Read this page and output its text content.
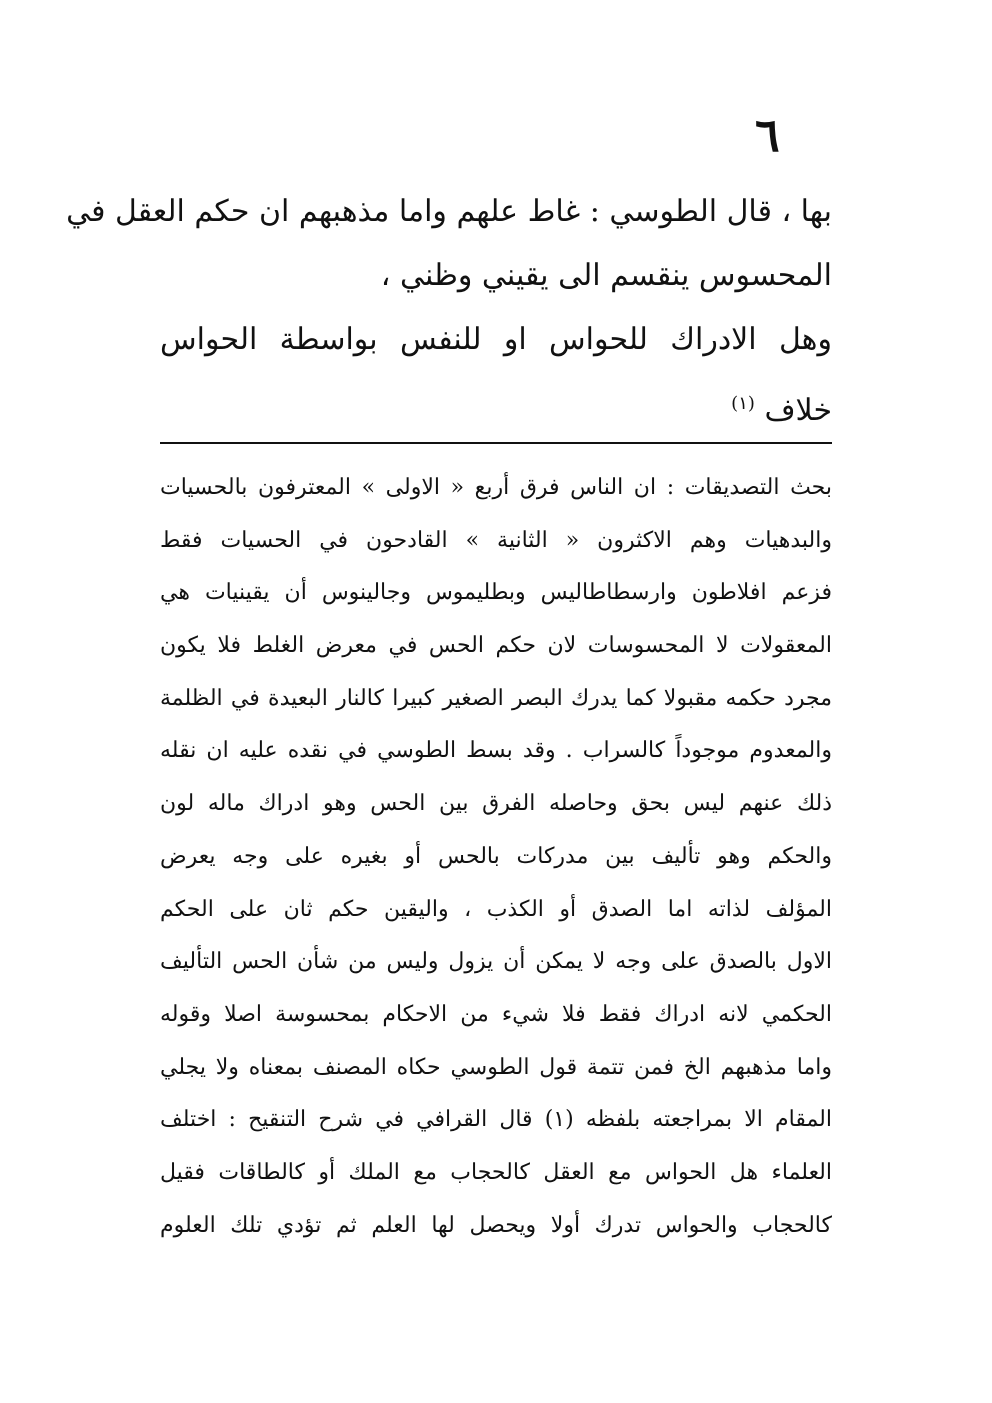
٦
بها ، قال الطوسي : غاط علهم واما مذهبهم ان حكم العقل في
المحسوس ينقسم الى يقيني وظني ،
وهل الادراك للحواس او للنفس بواسطة الحواس
خلاف $^{(١)}$
بحث التصديقات : ان الناس فرق أربع « الاولى » المعترفون بالحسيات
والبدهيات وهم الاكثرون « الثانية » القادحون في الحسيات فقط
فزعم افلاطون وارسطاطاليس وبطليموس وجالينوس أن يقينيات هي
المعقولات لا المحسوسات لان حكم الحس في معرض الغلط فلا يكون
مجرد حكمه مقبولا كما يدرك البصر الصغير كبيرا كالنار البعيدة في الظلمة
والمعدوم موجوداً كالسراب . وقد بسط الطوسي في نقده عليه ان نقله
ذلك عنهم ليس بحق وحاصله الفرق بين الحس وهو ادراك ماله لون
والحكم وهو تأليف بين مدركات بالحس أو بغيره على وجه يعرض
المؤلف لذاته اما الصدق أو الكذب ، واليقين حكم ثان على الحكم
الاول بالصدق على وجه لا يمكن أن يزول وليس من شأن الحس التأليف
الحكمي لانه ادراك فقط فلا شيء من الاحكام بمحسوسة اصلا وقوله
واما مذهبهم الخ فمن تتمة قول الطوسي حكاه المصنف بمعناه ولا يجلي
المقام الا بمراجعته بلفظه (١) قال القرافي في شرح التنقيح : اختلف
العلماء هل الحواس مع العقل كالحجاب مع الملك أو كالطاقات فقيل
كالحجاب والحواس تدرك أولا ويحصل لها العلم ثم تؤدي تلك العلوم
